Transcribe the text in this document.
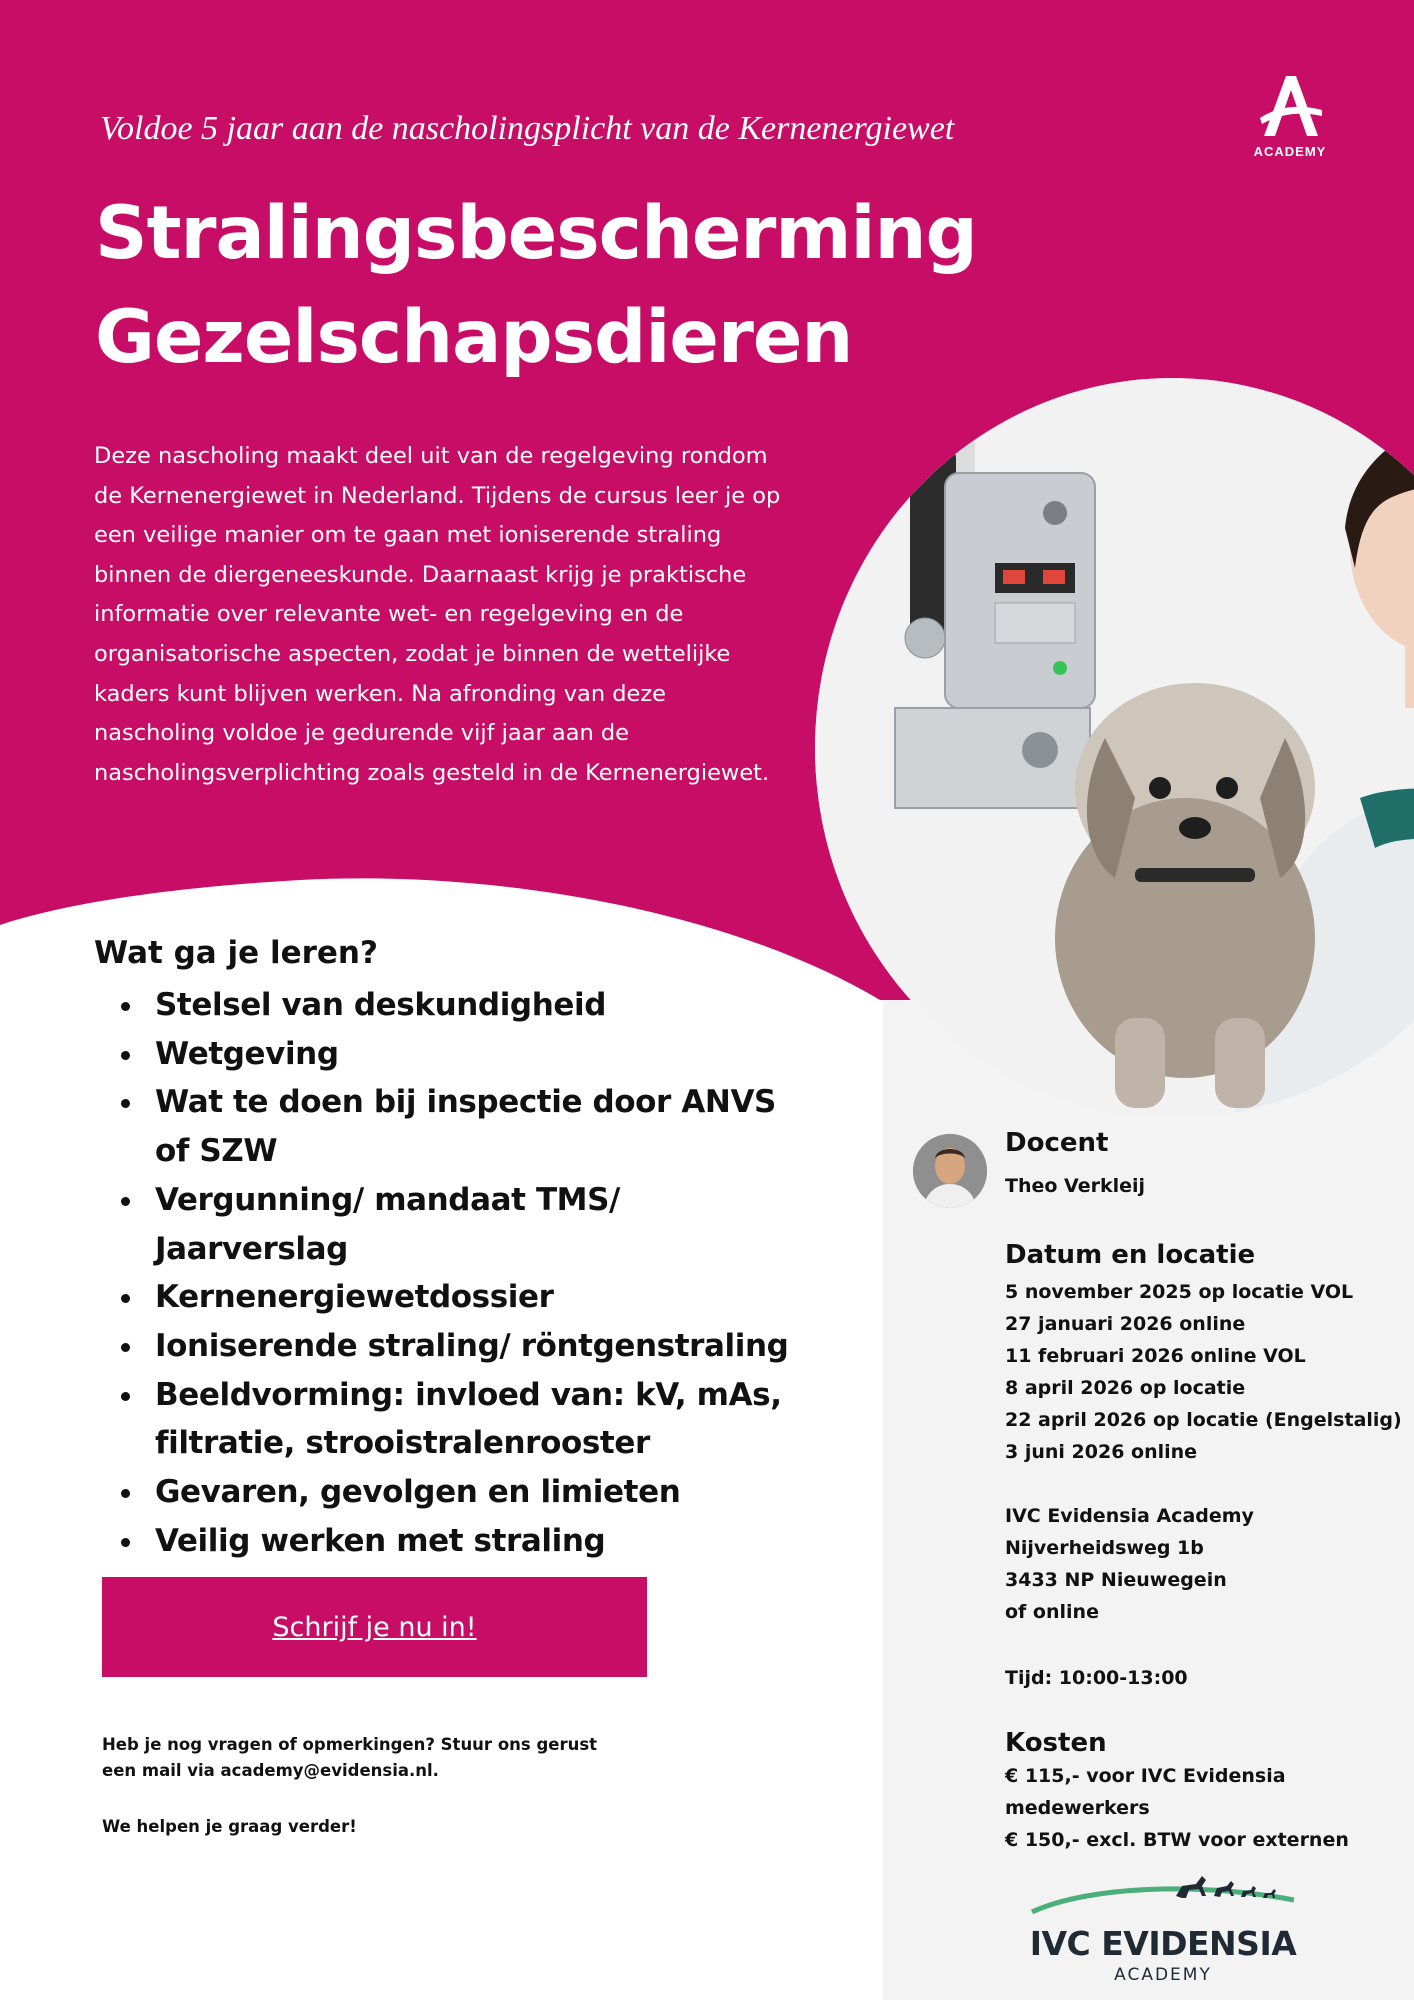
Voldoe 5 jaar aan de nascholingsplicht van de Kernenergiewet
Stralingsbescherming
Gezelschapsdieren

Deze nascholing maakt deel uit van de regelgeving rondom de Kernenergiewet in Nederland. Tijdens de cursus leer je op een veilige manier om te gaan met ioniserende straling binnen de diergeneeskunde. Daarnaast krijg je praktische informatie over relevante wet- en regelgeving en de organisatorische aspecten, zodat je binnen de wettelijke kaders kunt blijven werken. Na afronding van deze nascholing voldoe je gedurende vijf jaar aan de nascholingsverplichting zoals gesteld in de Kernenergiewet.

ACADEMY
Wat ga je leren?
Stelsel van deskundigheid
Wetgeving
Wat te doen bij inspectie door ANVS of SZW
Vergunning/ mandaat TMS/ Jaarverslag
Kernenergiewetdossier
Ioniserende straling/ röntgenstraling
Beeldvorming: invloed van: kV, mAs, filtratie, strooistralenrooster
Gevaren, gevolgen en limieten
Veilig werken met straling
Schrijf je nu in!

Heb je nog vragen of opmerkingen? Stuur ons gerust een mail via academy@evidensia.nl.

We helpen je graag verder!

Docent
Theo Verkleij
Datum en locatie
5 november 2025 op locatie VOL
27 januari 2026 online
11 februari 2026 online VOL
8 april 2026 op locatie
22 april 2026 op locatie (Engelstalig)
3 juni 2026 online
IVC Evidensia Academy
Nijverheidsweg 1b
3433 NP Nieuwegein
of online
Tijd: 10:00-13:00
Kosten
€ 115,- voor IVC Evidensia
medewerkers
€ 150,- excl. BTW voor externen
IVC EVIDENSIA
ACADEMY
